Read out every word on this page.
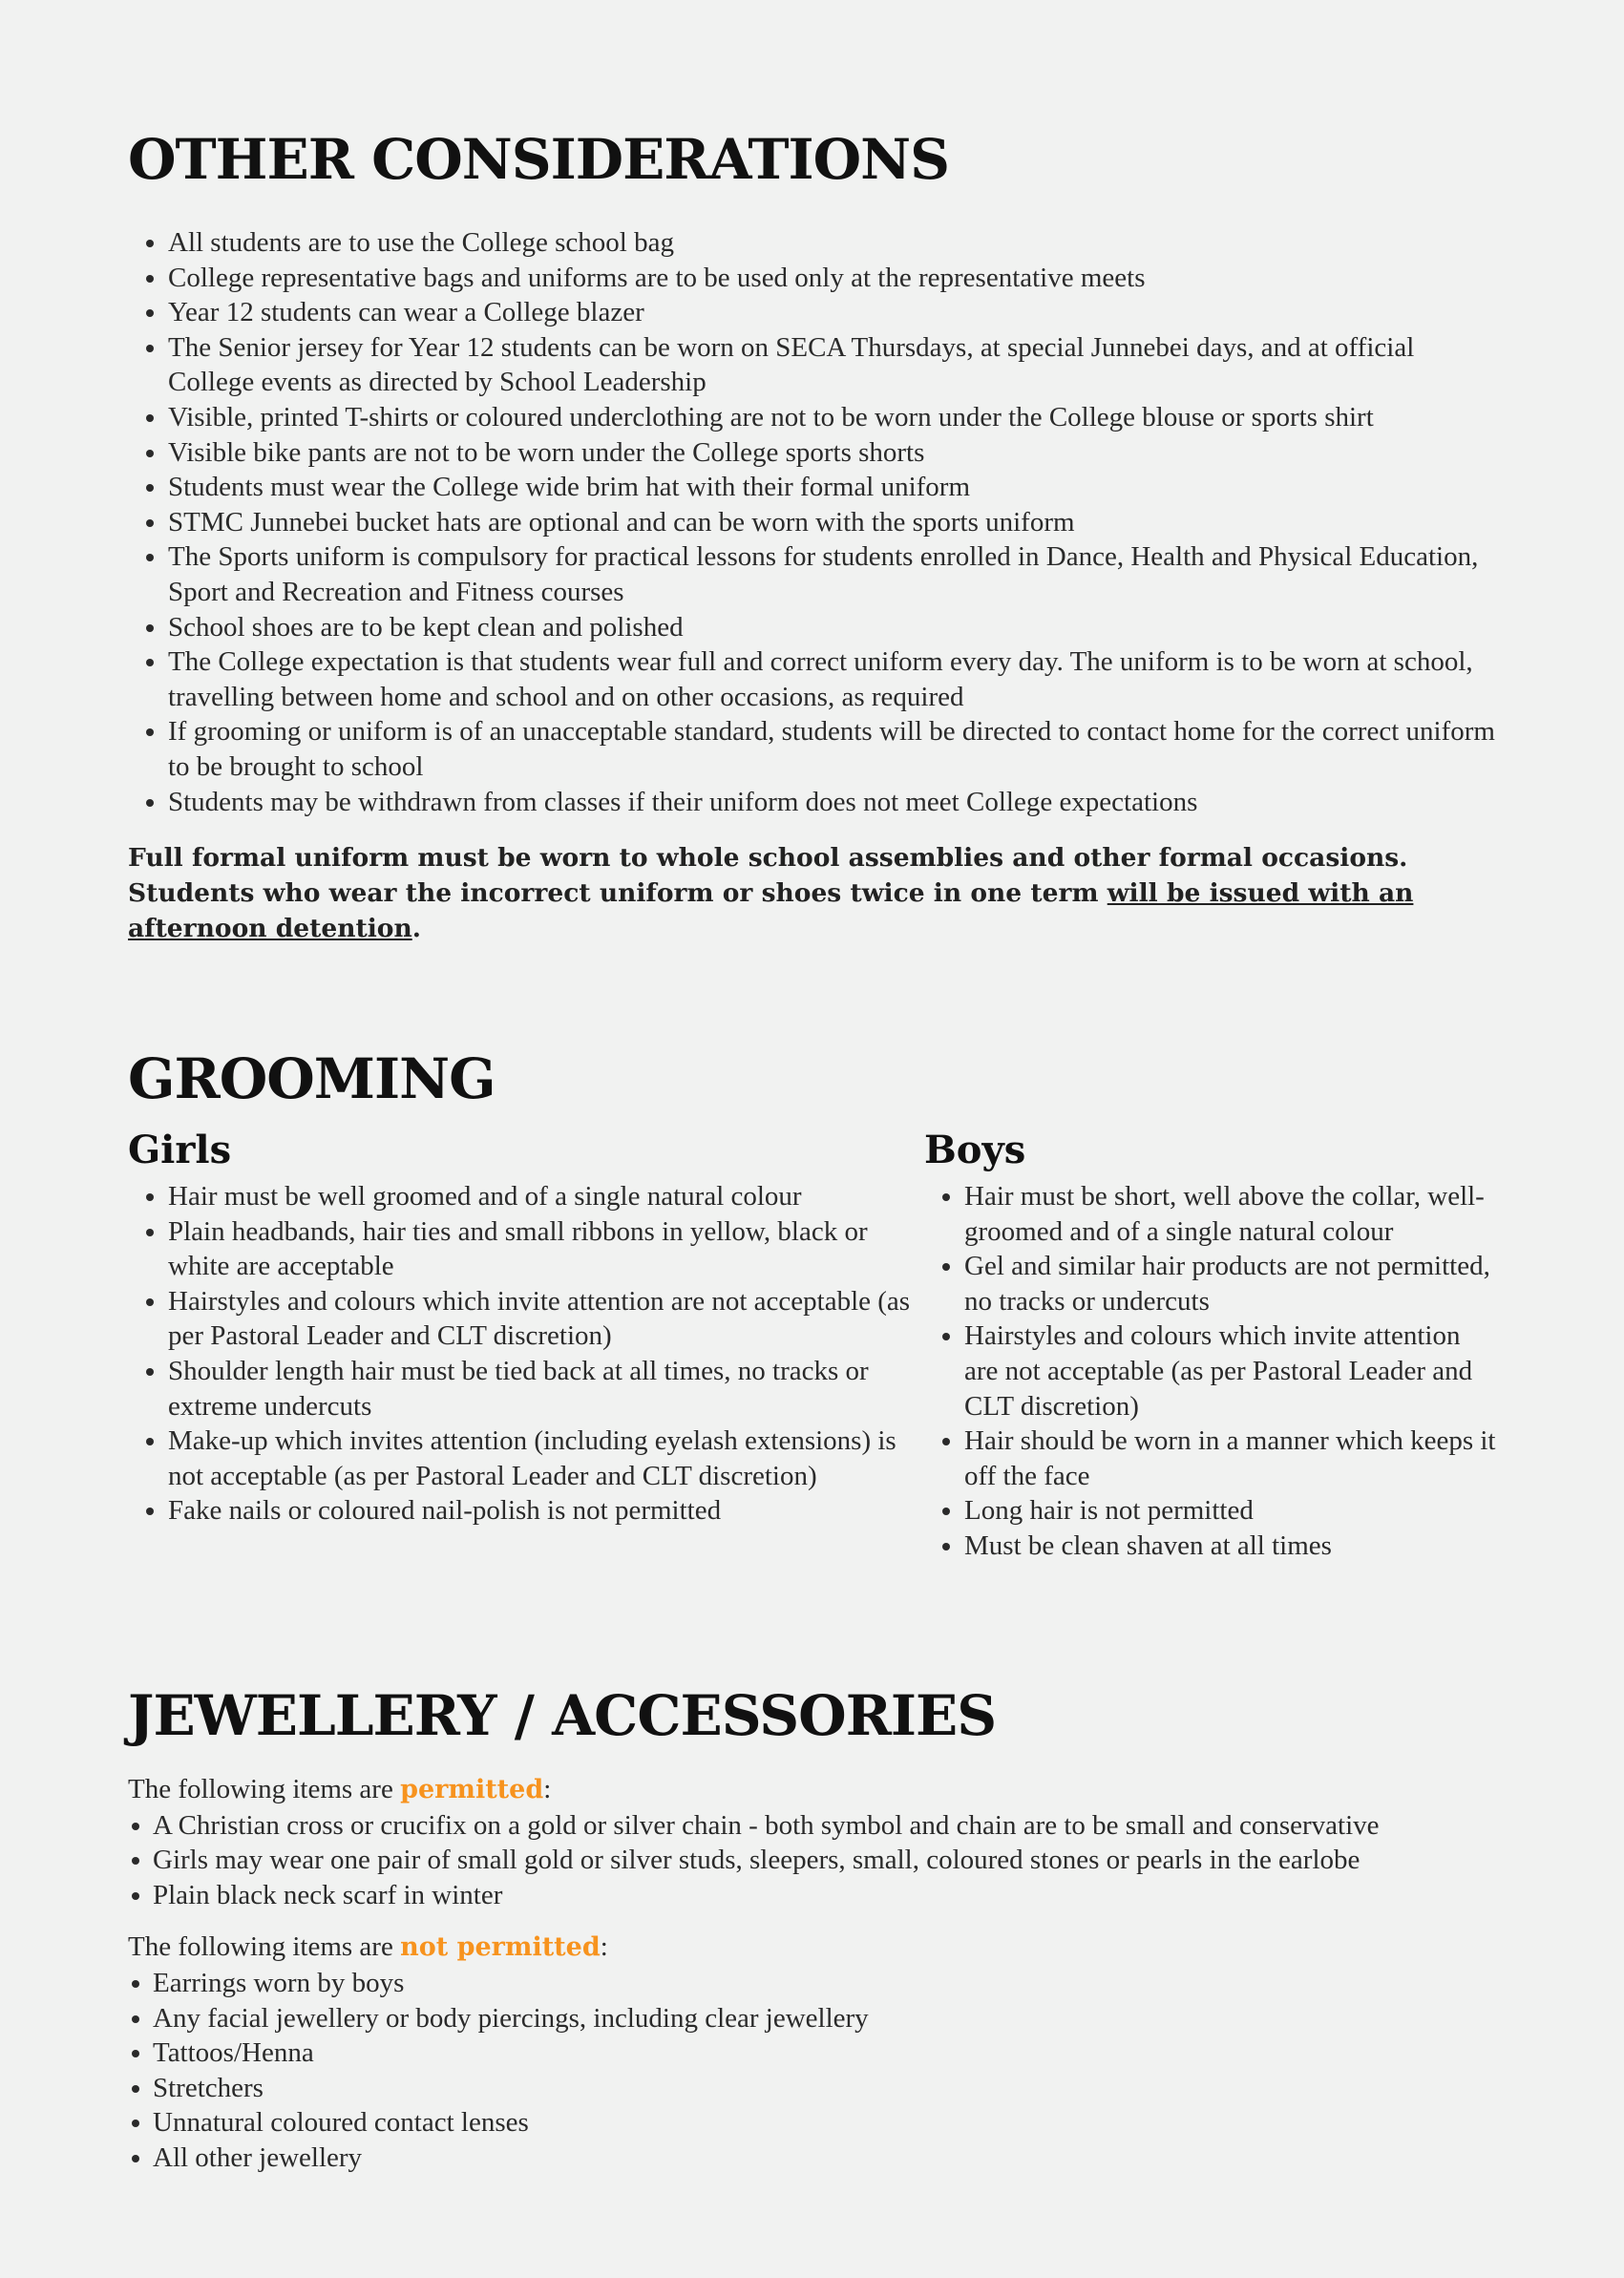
OTHER CONSIDERATIONS
All students are to use the College school bag
College representative bags and uniforms are to be used only at the representative meets
Year 12 students can wear a College blazer
The Senior jersey for Year 12 students can be worn on SECA Thursdays, at special Junnebei days, and at official College events as directed by School Leadership
Visible, printed T-shirts or coloured underclothing are not to be worn under the College blouse or sports shirt
Visible bike pants are not to be worn under the College sports shorts
Students must wear the College wide brim hat with their formal uniform
STMC Junnebei bucket hats are optional and can be worn with the sports uniform
The Sports uniform is compulsory for practical lessons for students enrolled in Dance, Health and Physical Education, Sport and Recreation and Fitness courses
School shoes are to be kept clean and polished
The College expectation is that students wear full and correct uniform every day. The uniform is to be worn at school, travelling between home and school and on other occasions, as required
If grooming or uniform is of an unacceptable standard, students will be directed to contact home for the correct uniform to be brought to school
Students may be withdrawn from classes if their uniform does not meet College expectations
Full formal uniform must be worn to whole school assemblies and other formal occasions.
Students who wear the incorrect uniform or shoes twice in one term will be issued with an afternoon detention.
GROOMING
Girls
Hair must be well groomed and of a single natural colour
Plain headbands, hair ties and small ribbons in yellow, black or white are acceptable
Hairstyles and colours which invite attention are not acceptable (as per Pastoral Leader and CLT discretion)
Shoulder length hair must be tied back at all times, no tracks or extreme undercuts
Make-up which invites attention (including eyelash extensions) is not acceptable (as per Pastoral Leader and CLT discretion)
Fake nails or coloured nail-polish is not permitted
Boys
Hair must be short, well above the collar, well-groomed and of a single natural colour
Gel and similar hair products are not permitted, no tracks or undercuts
Hairstyles and colours which invite attention are not acceptable (as per Pastoral Leader and CLT discretion)
Hair should be worn in a manner which keeps it off the face
Long hair is not permitted
Must be clean shaven at all times
JEWELLERY / ACCESSORIES
The following items are permitted:
A Christian cross or crucifix on a gold or silver chain - both symbol and chain are to be small and conservative
Girls may wear one pair of small gold or silver studs, sleepers, small, coloured stones or pearls in the earlobe
Plain black neck scarf in winter
The following items are not permitted:
Earrings worn by boys
Any facial jewellery or body piercings, including clear jewellery
Tattoos/Henna
Stretchers
Unnatural coloured contact lenses
All other jewellery
